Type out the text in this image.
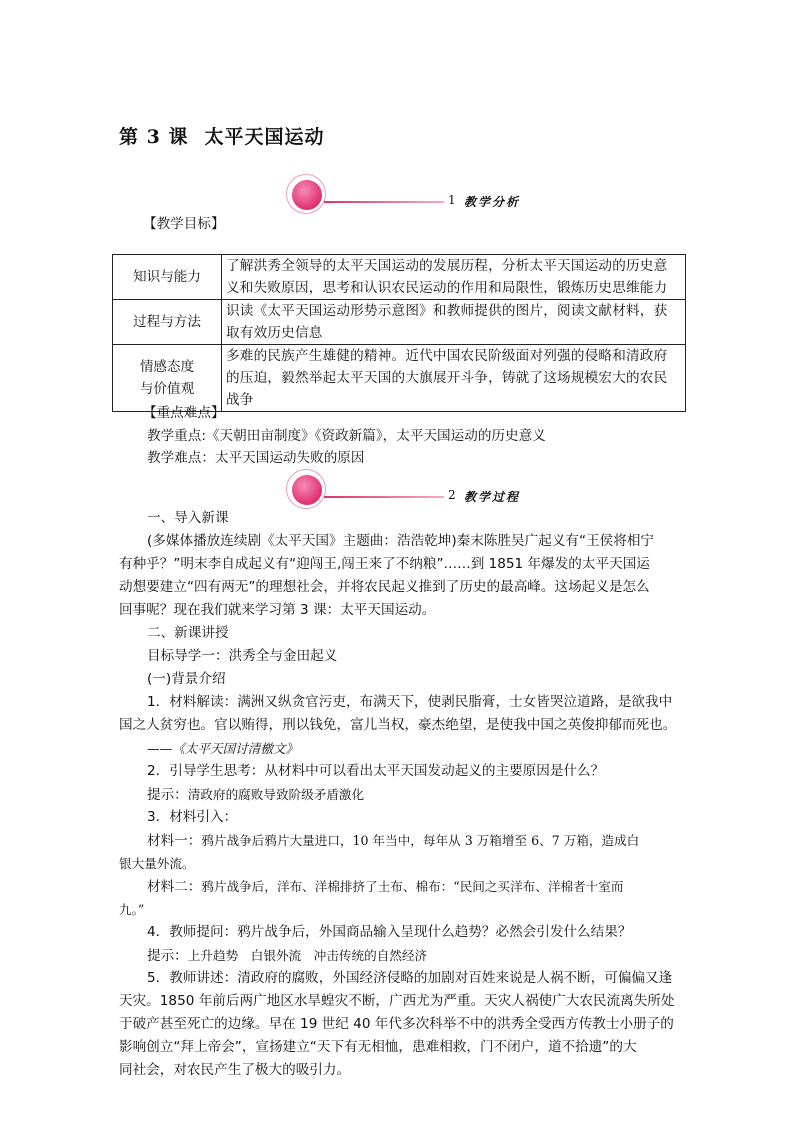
第 3 课 太平天国运动
1 教学分析
【教学目标】
知识与能力	了解洪秀全领导的太平天国运动的发展历程，分析太平天国运动的历史意义和失败原因，思考和认识农民运动的作用和局限性，锻炼历史思维能力
过程与方法	识读《太平天国运动形势示意图》和教师提供的图片，阅读文献材料，获取有效历史信息

情感态度
与价值观	多难的民族产生雄健的精神。近代中国农民阶级面对列强的侵略和清政府的压迫，毅然举起太平天国的大旗展开斗争，铸就了这场规模宏大的农民战争
【重点难点】
教学重点:《天朝田亩制度》《资政新篇》，太平天国运动的历史意义
教学难点：太平天国运动失败的原因
2 教学过程
一、导入新课
(多媒体播放连续剧《太平天国》主题曲：浩浩乾坤)秦末陈胜吴广起义有“王侯将相宁
有种乎？”明末李自成起义有“迎闯王,闯王来了不纳粮”……到 1851 年爆发的太平天国运
动想要建立“四有两无”的理想社会，并将农民起义推到了历史的最高峰。这场起义是怎么
回事呢？现在我们就来学习第 3 课：太平天国运动。
二、新课讲授
目标导学一：洪秀全与金田起义
(一)背景介绍
1．材料解读：满洲又纵贪官污吏，布满天下，使剥民脂膏，士女皆哭泣道路，是欲我中
国之人贫穷也。官以贿得，刑以钱免，富儿当权，豪杰绝望，是使我中国之英俊抑郁而死也。
——《太平天国讨清檄文》
2．引导学生思考：从材料中可以看出太平天国发动起义的主要原因是什么？
提示：清政府的腐败导致阶级矛盾激化
3．材料引入：
材料一：鸦片战争后鸦片大量进口，10 年当中，每年从 3 万箱增至 6、7 万箱，造成白
银大量外流。
材料二：鸦片战争后，洋布、洋棉排挤了土布、棉布：“民间之买洋布、洋棉者十室而
九。”
4．教师提问：鸦片战争后，外国商品输入呈现什么趋势？必然会引发什么结果？
提示：上升趋势　白银外流　冲击传统的自然经济
5．教师讲述：清政府的腐败，外国经济侵略的加剧对百姓来说是人祸不断，可偏偏又逢
天灾。1850 年前后两广地区水旱蝗灾不断，广西尤为严重。天灾人祸使广大农民流离失所处
于破产甚至死亡的边缘。早在 19 世纪 40 年代多次科举不中的洪秀全受西方传教士小册子的
影响创立“拜上帝会”，宣扬建立“天下有无相恤，患难相救，门不闭户，道不拾遗”的大
同社会，对农民产生了极大的吸引力。
